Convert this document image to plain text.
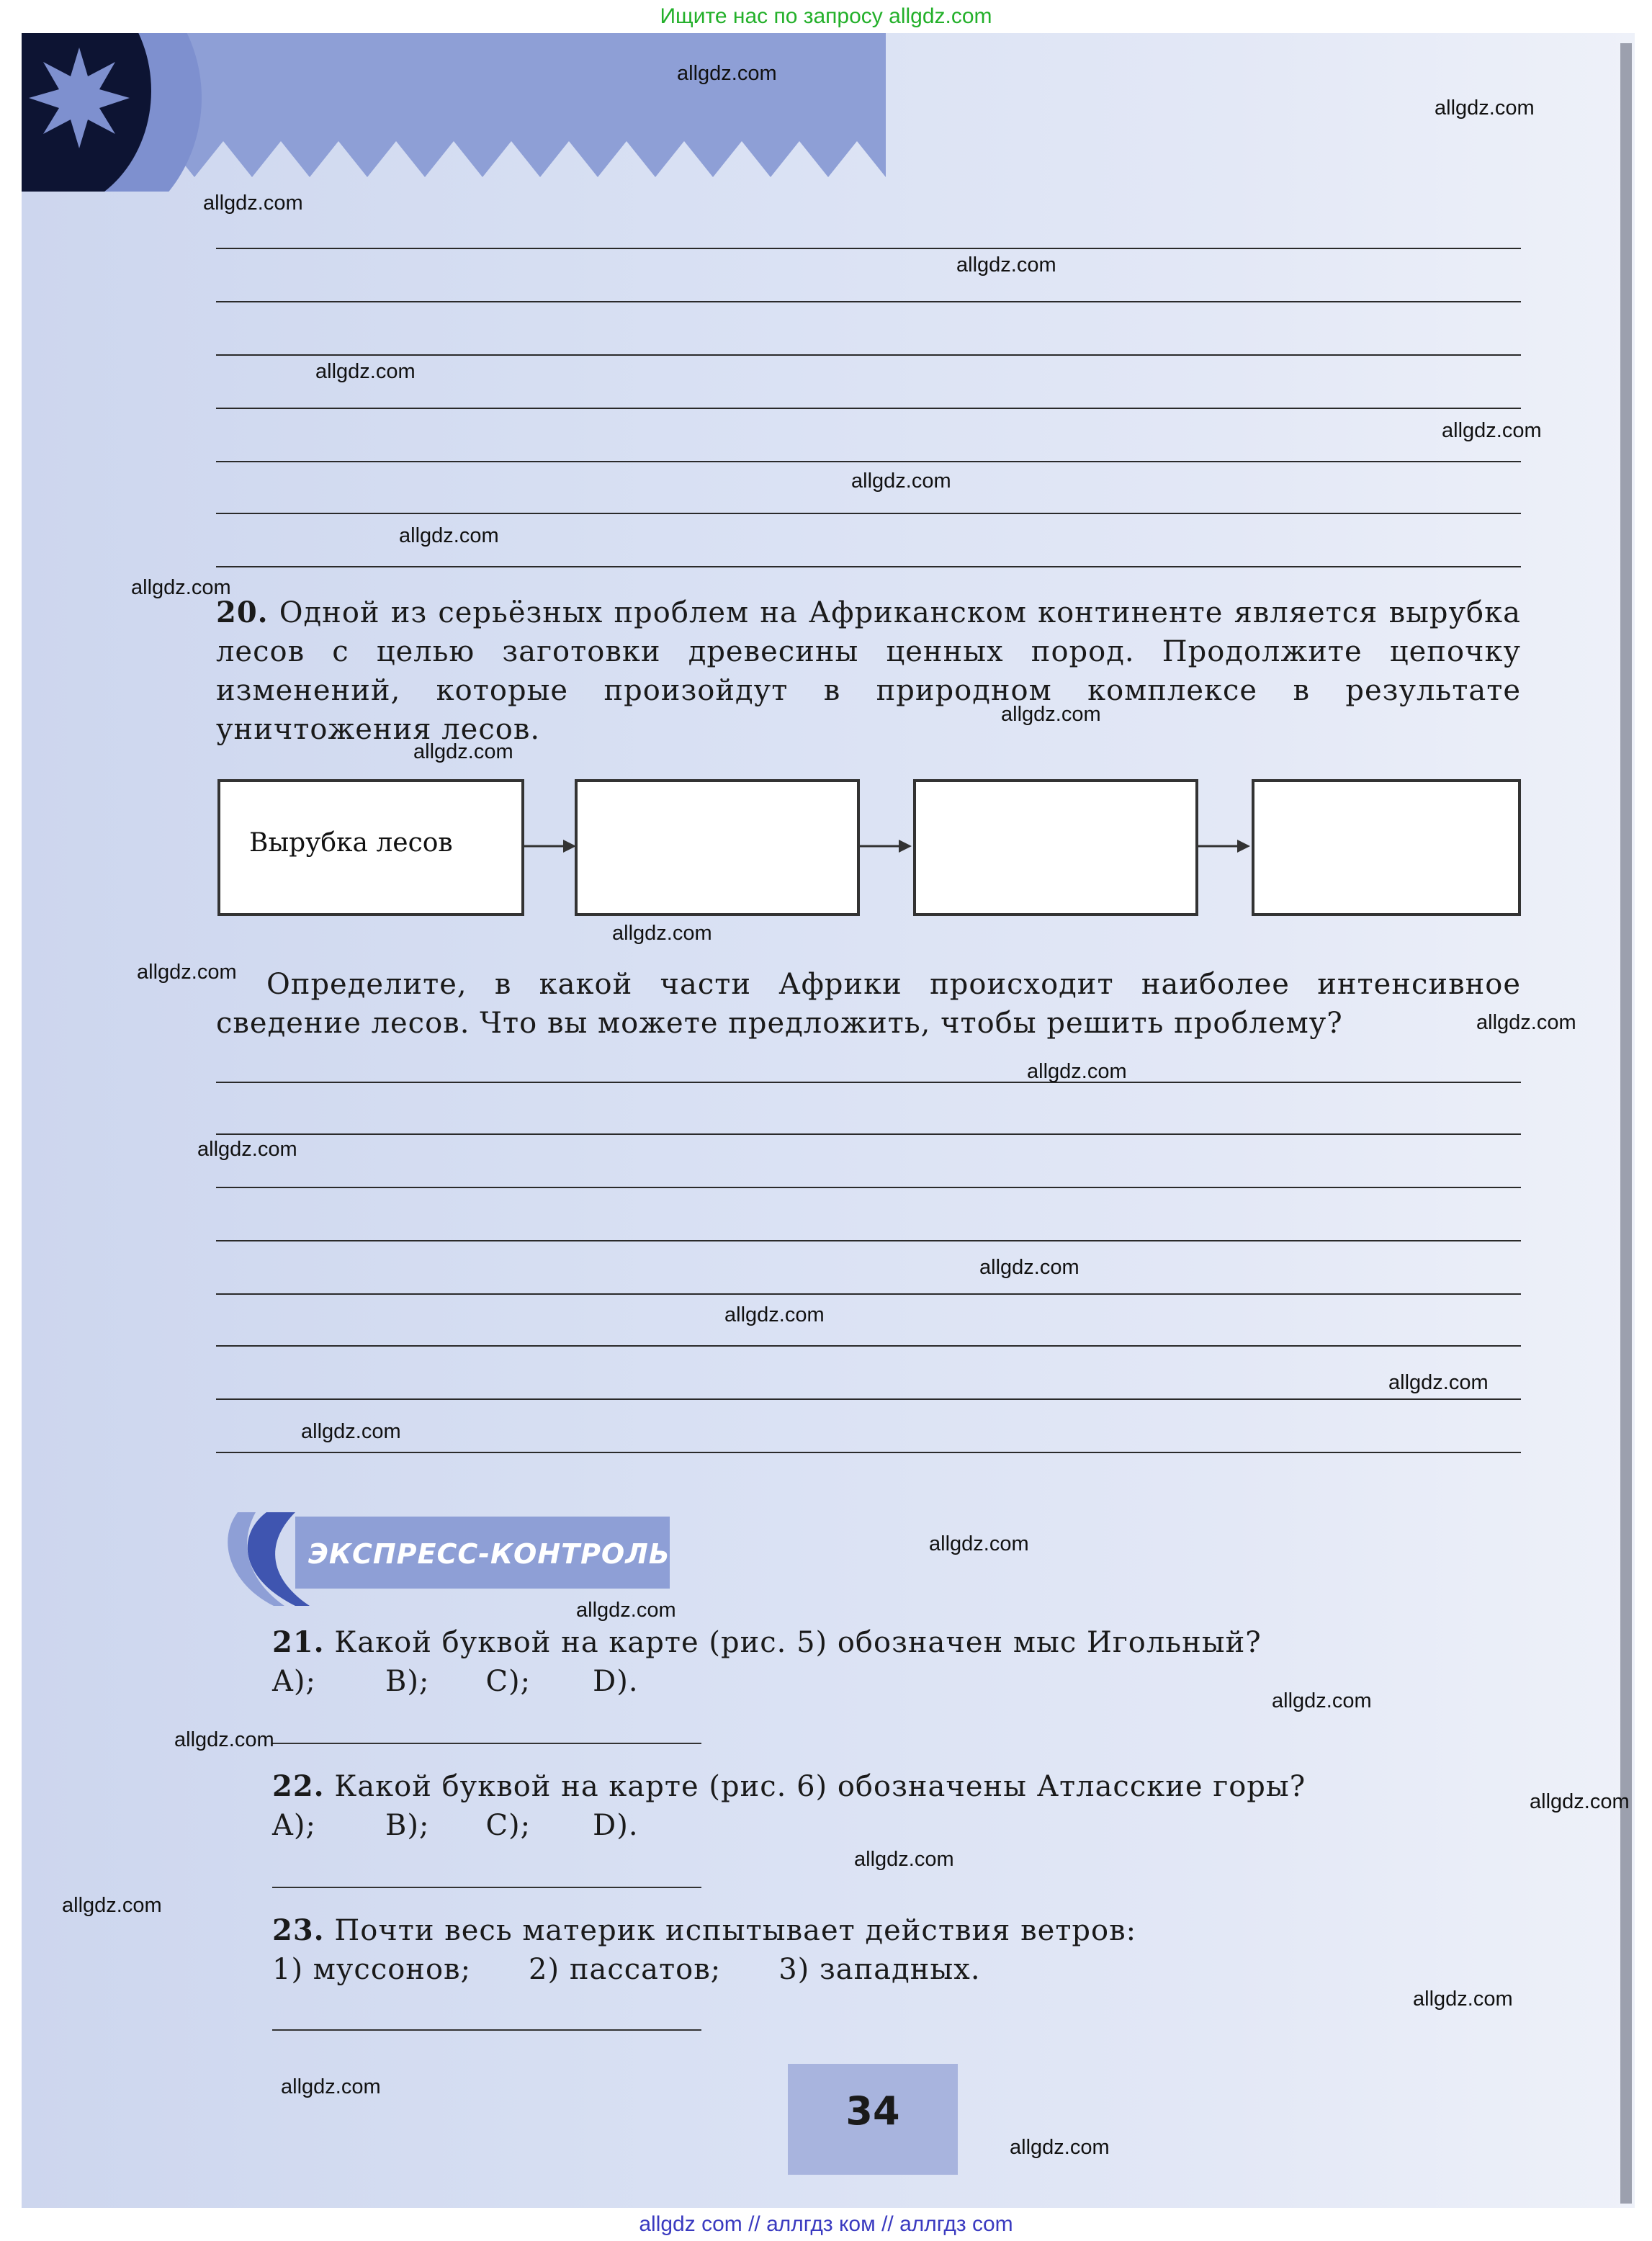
Ищите нас по запросу allgdz.com
20. Одной из серьёзных проблем на Африканском континенте является вырубка лесов с целью заготовки древесины ценных пород. Продолжите цепочку изменений, которые произойдут в природном комплексе в результате уничтожения лесов.
Вырубка лесов
Определите, в какой части Африки происходит наиболее интенсивное сведение лесов. Что вы можете предложить, чтобы решить проблему?
ЭКСПРЕСС-КОНТРОЛЬ
21. Какой буквой на карте (рис. 5) обозначен мыс Игольный?
A); B); C); D).
22. Какой буквой на карте (рис. 6) обозначены Атласские горы?
A); B); C); D).
23. Почти весь материк испытывает действия ветров:
1) муссонов; 2) пассатов; 3) западных.
34
allgdz.com
allgdz.com
allgdz.com
allgdz.com
allgdz.com
allgdz.com
allgdz.com
allgdz.com
allgdz.com
allgdz.com
allgdz.com
allgdz.com
allgdz.com
allgdz.com
allgdz.com
allgdz.com
allgdz.com
allgdz.com
allgdz.com
allgdz.com
allgdz.com
allgdz.com
allgdz.com
allgdz.com
allgdz.com
allgdz.com
allgdz.com
allgdz.com
allgdz.com
allgdz.com
allgdz com // аллгдз ком // аллгдз com
